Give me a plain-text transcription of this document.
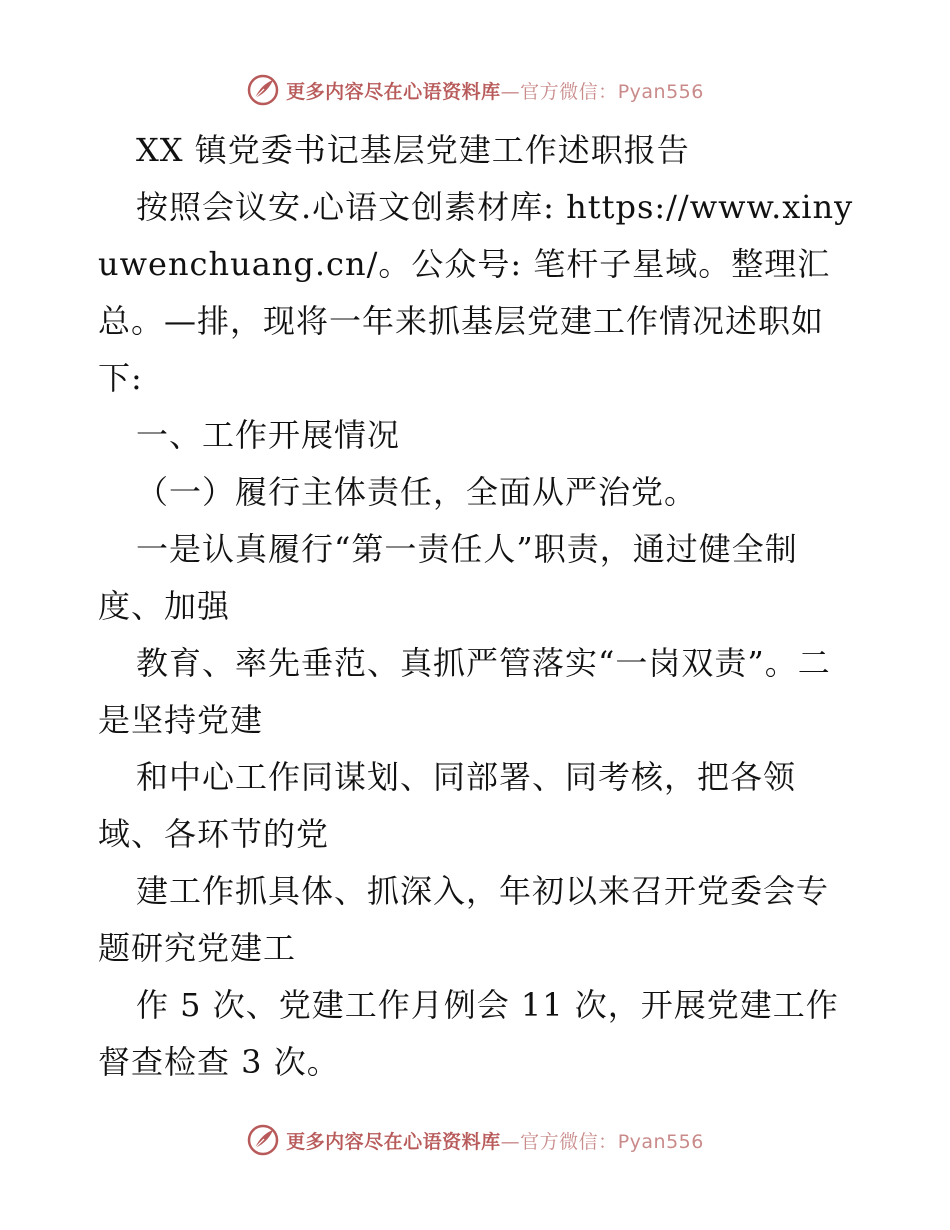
更多内容尽在心语资料库—官方微信：Pyan556

XX 镇党委书记基层党建工作述职报告

按照会议安.心语文创素材库: https://www.xinyuwenchuang.cn/。公众号: 笔杆子星域。整理汇总。—排，现将一年来抓基层党建工作情况述职如下:

一、工作开展情况

（一）履行主体责任，全面从严治党。

一是认真履行“第一责任人”职责，通过健全制度、加强

教育、率先垂范、真抓严管落实“一岗双责”。二是坚持党建

和中心工作同谋划、同部署、同考核，把各领域、各环节的党

建工作抓具体、抓深入，年初以来召开党委会专题研究党建工

作 5 次、党建工作月例会 11 次，开展党建工作督查检查 3 次。

更多内容尽在心语资料库—官方微信：Pyan556
